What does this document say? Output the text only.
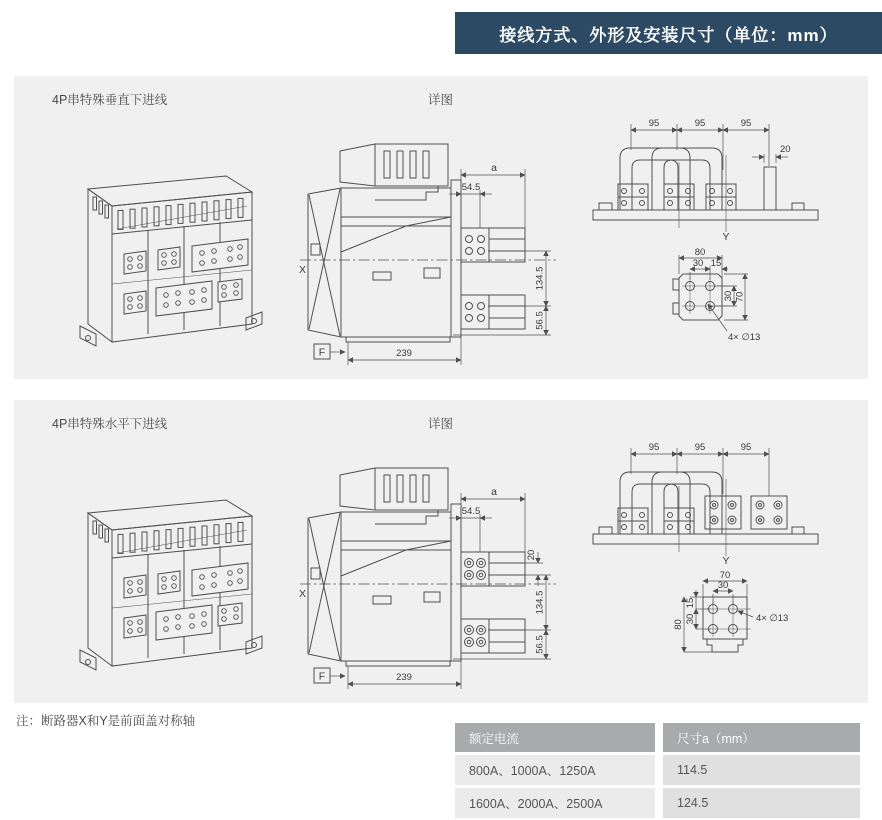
接线方式、外形及安装尺寸（单位：mm）
4P串特殊垂直下进线	详图
a
54.5
134.5
56.5
239
X
F
95	95	95
20
Y
80
30 15
30 70
4× ∅13
4P串特殊水平下进线	详图
a
54.5
20
134.5
56.5
239
X
F
95	95	95
Y
70
30
15
30
80
4× ∅13
注：断路器X和Y是前面盖对称轴
额定电流	尺寸a（mm）
800A、1000A、1250A	114.5
1600A、2000A、2500A	124.5
